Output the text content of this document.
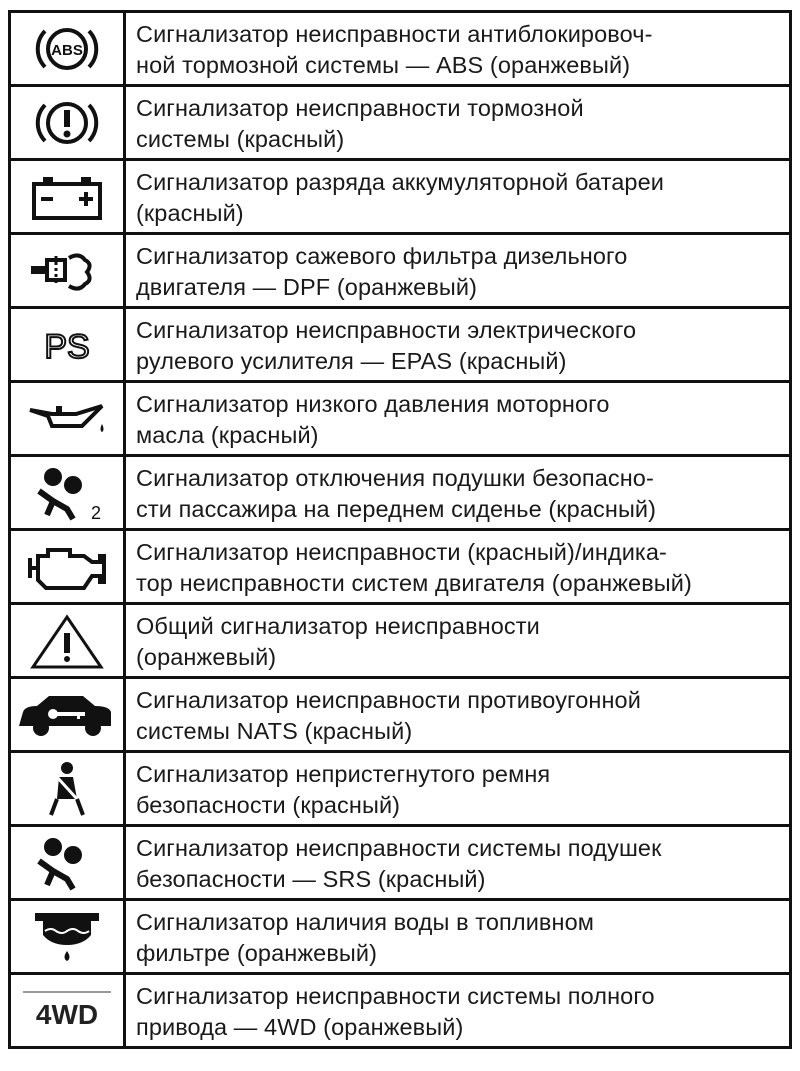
ABS	Сигнализатор неисправности антиблокировоч-
ной тормозной системы — ABS (оранжевый)

	Сигнализатор неисправности тормозной
системы (красный)

	Сигнализатор разряда аккумуляторной батареи
(красный)

	Сигнализатор сажевого фильтра дизельного
двигателя — DPF (оранжевый)

PS	Сигнализатор неисправности электрического
рулевого усилителя — EPAS (красный)

	Сигнализатор низкого давления моторного
масла (красный)

2	Сигнализатор отключения подушки безопасно-
сти пассажира на переднем сиденье (красный)

	Сигнализатор неисправности (красный)/индика-
тор неисправности систем двигателя (оранжевый)

	Общий сигнализатор неисправности
(оранжевый)

	Сигнализатор неисправности противоугонной
системы NATS (красный)

	Сигнализатор непристегнутого ремня
безопасности (красный)

	Сигнализатор неисправности системы подушек
безопасности — SRS (красный)

	Сигнализатор наличия воды в топливном
фильтре (оранжевый)

4WD	Сигнализатор неисправности системы полного
привода — 4WD (оранжевый)
